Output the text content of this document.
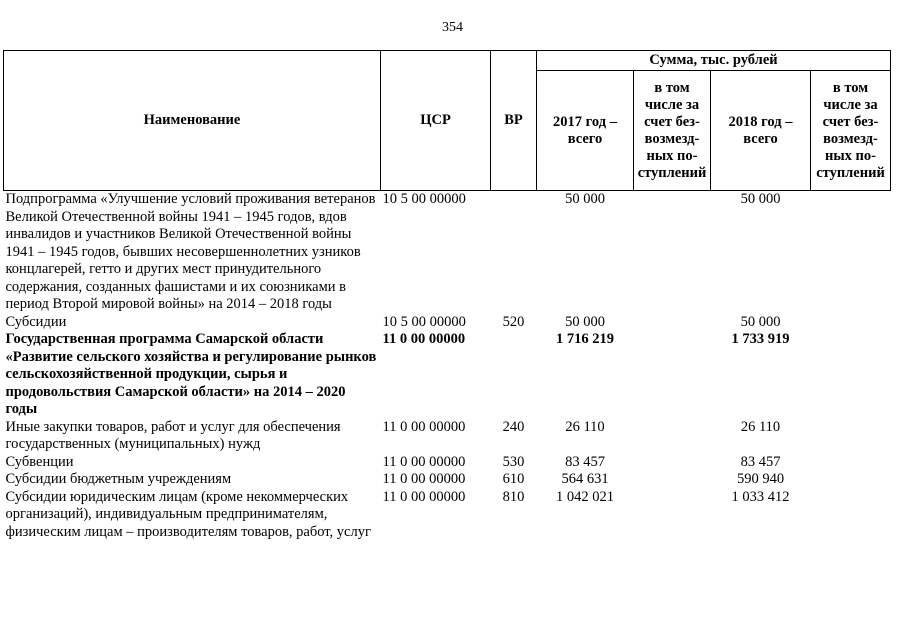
354
Наименование	ЦСР	ВР	Сумма, тыс. рублей			
			2017 год – всего	в том числе за счет безвозмездных поступлений	2018 год – всего	в том числе за счет безвозмездных поступлений
Подпрограмма «Улучшение условий проживания ветеранов Великой Отечественной войны 1941 – 1945 годов, вдов инвалидов и участников Великой Отечественной войны 1941 – 1945 годов, бывших несовершеннолетних узников концлагерей, гетто и других мест принудительного содержания, созданных фашистами и их союзниками в период Второй мировой войны» на 2014 – 2018 годы	10 5 00 00000		50 000		50 000	
Субсидии	10 5 00 00000	520	50 000		50 000	
Государственная программа Самарской области «Развитие сельского хозяйства и регулирование рынков сельскохозяйственной продукции, сырья и продовольствия Самарской области» на 2014 – 2020 годы	11 0 00 00000		1 716 219		1 733 919	
Иные закупки товаров, работ и услуг для обеспечения государственных (муниципальных) нужд	11 0 00 00000	240	26 110		26 110	
Субвенции	11 0 00 00000	530	83 457		83 457	
Субсидии бюджетным учреждениям	11 0 00 00000	610	564 631		590 940	
Субсидии юридическим лицам (кроме некоммерческих организаций), индивидуальным предпринимателям, физическим лицам – производителям товаров, работ, услуг	11 0 00 00000	810	1 042 021		1 033 412	
